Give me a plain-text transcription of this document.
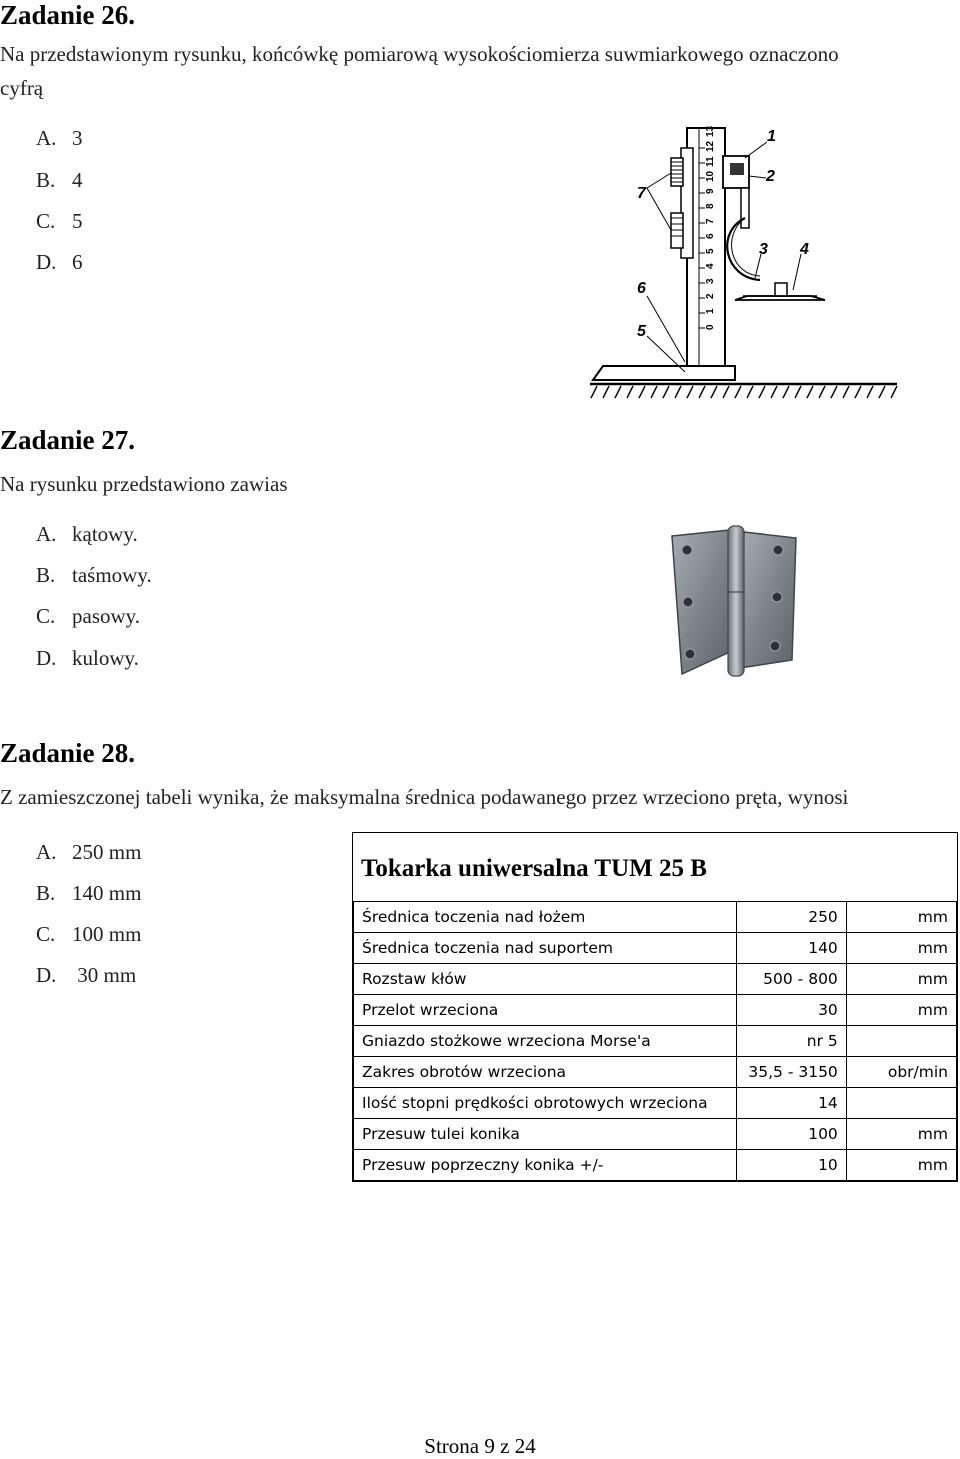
Zadanie 26.
Na przedstawionym rysunku, końcówkę pomiarową wysokościomierza suwmiarkowego oznaczono
cyfrą
A. 3
B. 4
C. 5
D. 6
0
1
2
3
4
5
6
7
8
9
10
11
12
13	1
2
3 4
5
6
7
Zadanie 27.
Na rysunku przedstawiono zawias
A. kątowy.
B. taśmowy.
C. pasowy.
D. kulowy.
Zadanie 28.
Z zamieszczonej tabeli wynika, że maksymalna średnica podawanego przez wrzeciono pręta, wynosi
A. 250 mm
B. 140 mm
C. 100 mm
D. 30 mm
Tokarka uniwersalna TUM 25 B
Średnica toczenia nad łożem	250	mm
Średnica toczenia nad suportem	140	mm
Rozstaw kłów	500 - 800	mm
Przelot wrzeciona	30	mm
Gniazdo stożkowe wrzeciona Morse'a	nr 5	
Zakres obrotów wrzeciona	35,5 - 3150	obr/min
Ilość stopni prędkości obrotowych wrzeciona	14	
Przesuw tulei konika	100	mm
Przesuw poprzeczny konika +/-	10	mm
Strona 9 z 24
